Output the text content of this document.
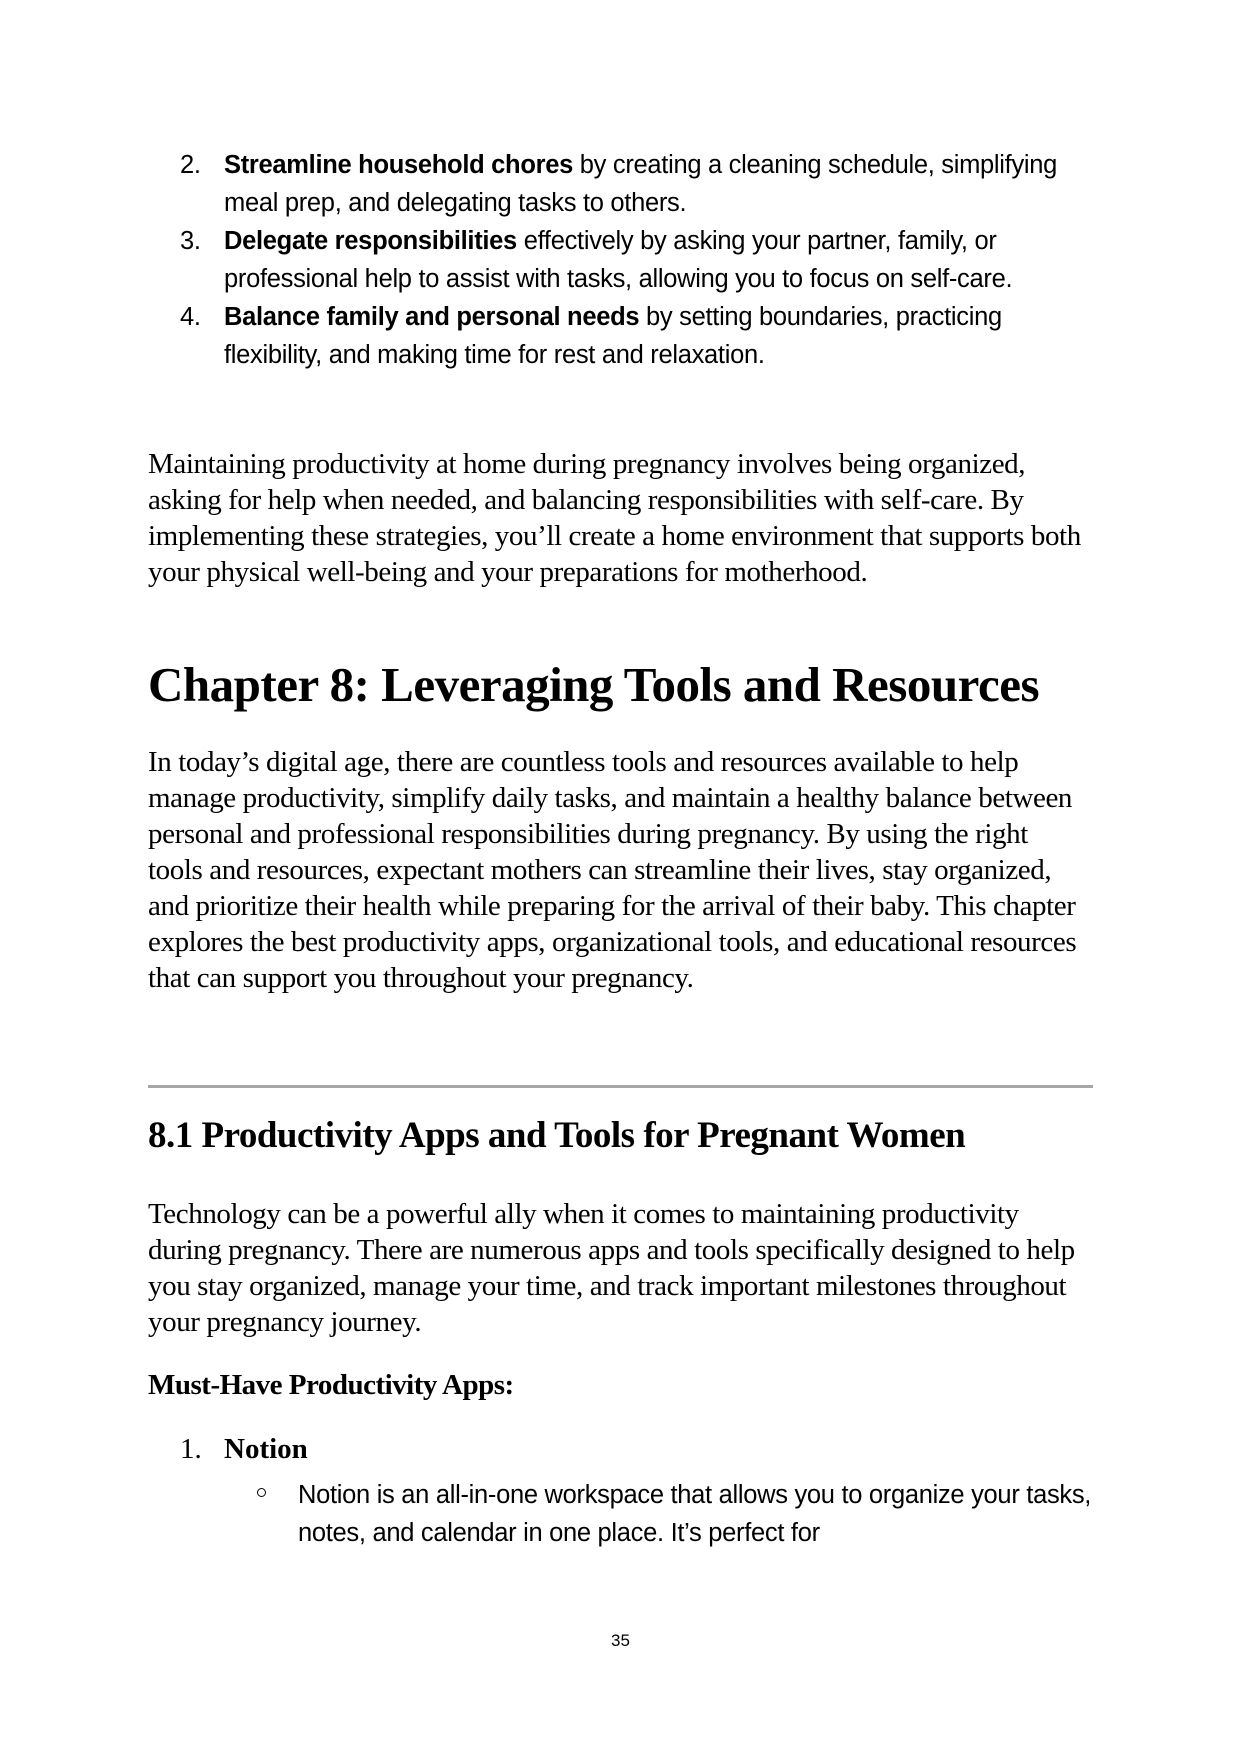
2. Streamline household chores by creating a cleaning schedule, simplifying meal prep, and delegating tasks to others.
3. Delegate responsibilities effectively by asking your partner, family, or professional help to assist with tasks, allowing you to focus on self-care.
4. Balance family and personal needs by setting boundaries, practicing flexibility, and making time for rest and relaxation.

Maintaining productivity at home during pregnancy involves being organized, asking for help when needed, and balancing responsibilities with self-care. By implementing these strategies, you’ll create a home environment that supports both your physical well-being and your preparations for motherhood.

Chapter 8: Leveraging Tools and Resources

In today’s digital age, there are countless tools and resources available to help manage productivity, simplify daily tasks, and maintain a healthy balance between personal and professional responsibilities during pregnancy. By using the right tools and resources, expectant mothers can streamline their lives, stay organized, and prioritize their health while preparing for the arrival of their baby. This chapter explores the best productivity apps, organizational tools, and educational resources that can support you throughout your pregnancy.

8.1 Productivity Apps and Tools for Pregnant Women

Technology can be a powerful ally when it comes to maintaining productivity during pregnancy. There are numerous apps and tools specifically designed to help you stay organized, manage your time, and track important milestones throughout your pregnancy journey.

Must-Have Productivity Apps:
1. Notion
Notion is an all-in-one workspace that allows you to organize your tasks, notes, and calendar in one place. It’s perfect for
35
